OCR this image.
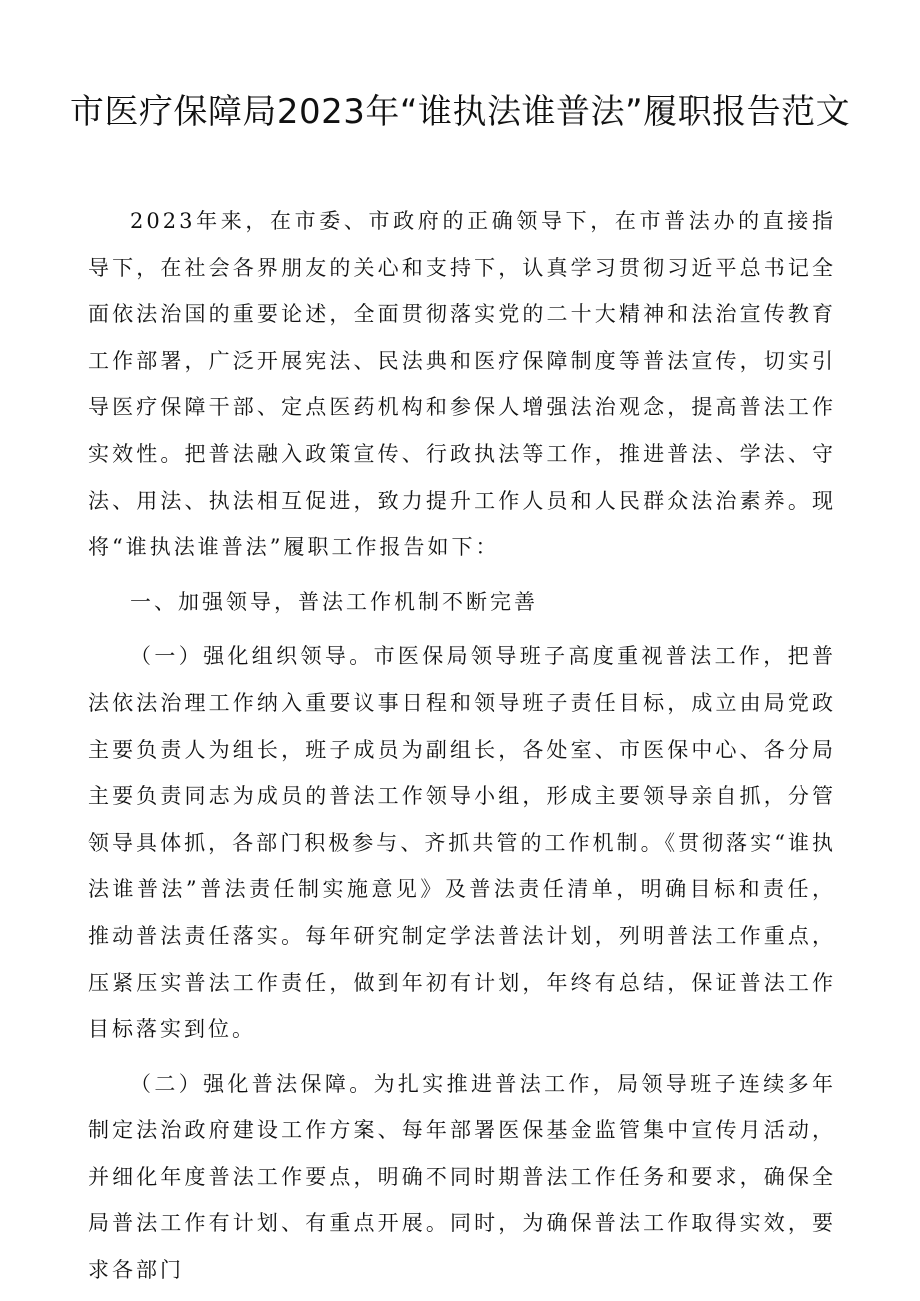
市医疗保障局2023年“谁执法谁普法”履职报告范文

2023年来，在市委、市政府的正确领导下，在市普法办的直接指导下，在社会各界朋友的关心和支持下，认真学习贯彻习近平总书记全面依法治国的重要论述，全面贯彻落实党的二十大精神和法治宣传教育工作部署，广泛开展宪法、民法典和医疗保障制度等普法宣传，切实引导医疗保障干部、定点医药机构和参保人增强法治观念，提高普法工作实效性。把普法融入政策宣传、行政执法等工作，推进普法、学法、守法、用法、执法相互促进，致力提升工作人员和人民群众法治素养。现将“谁执法谁普法”履职工作报告如下：

一、加强领导，普法工作机制不断完善

（一）强化组织领导。市医保局领导班子高度重视普法工作，把普法依法治理工作纳入重要议事日程和领导班子责任目标，成立由局党政主要负责人为组长，班子成员为副组长，各处室、市医保中心、各分局主要负责同志为成员的普法工作领导小组，形成主要领导亲自抓，分管领导具体抓，各部门积极参与、齐抓共管的工作机制。《贯彻落实“谁执法谁普法”普法责任制实施意见》及普法责任清单，明确目标和责任，推动普法责任落实。每年研究制定学法普法计划，列明普法工作重点，压紧压实普法工作责任，做到年初有计划，年终有总结，保证普法工作目标落实到位。

（二）强化普法保障。为扎实推进普法工作，局领导班子连续多年制定法治政府建设工作方案、每年部署医保基金监管集中宣传月活动，并细化年度普法工作要点，明确不同时期普法工作任务和要求，确保全局普法工作有计划、有重点开展。同时，为确保普法工作取得实效，要求各部门
